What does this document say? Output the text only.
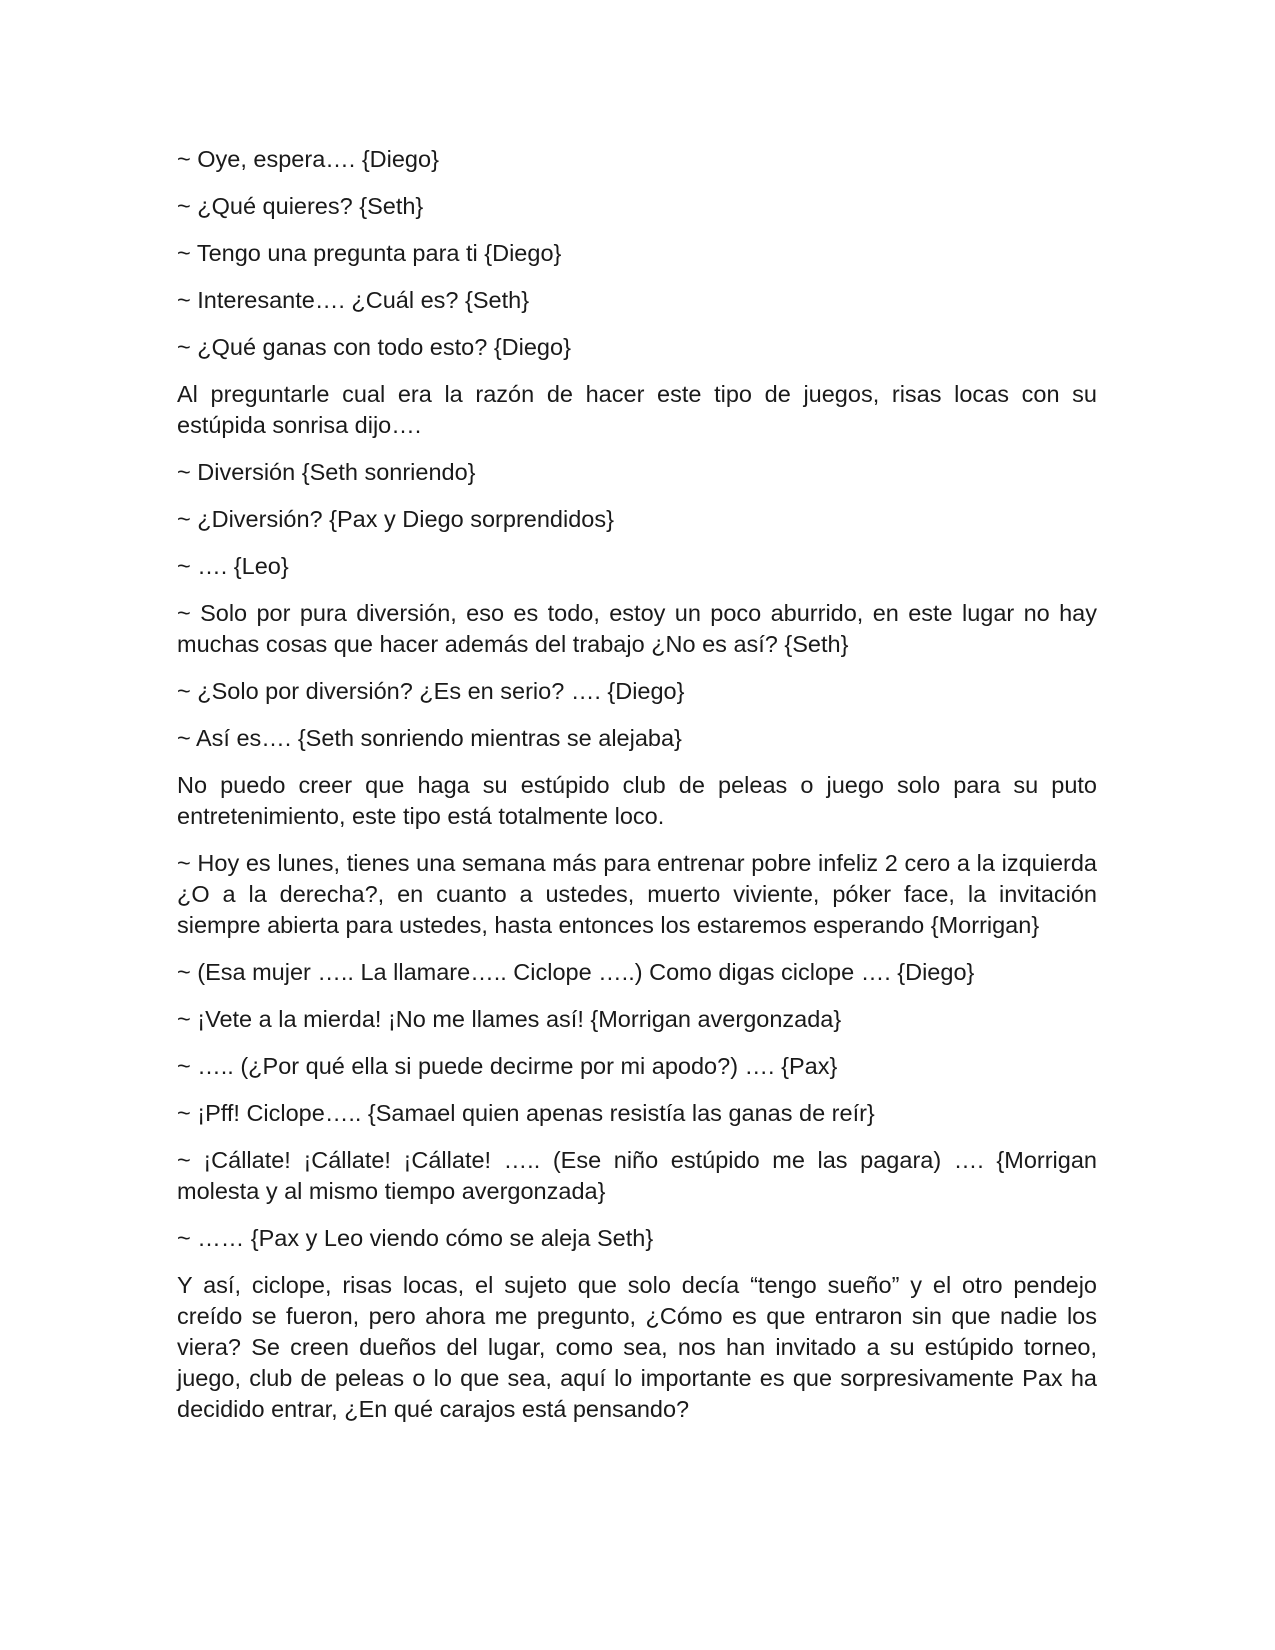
~ Oye, espera…. {Diego}

~ ¿Qué quieres? {Seth}

~ Tengo una pregunta para ti {Diego}

~ Interesante…. ¿Cuál es? {Seth}

~ ¿Qué ganas con todo esto? {Diego}

Al preguntarle cual era la razón de hacer este tipo de juegos, risas locas con su estúpida sonrisa dijo….

~ Diversión {Seth sonriendo}

~ ¿Diversión? {Pax y Diego sorprendidos}

~ …. {Leo}

~ Solo por pura diversión, eso es todo, estoy un poco aburrido, en este lugar no hay muchas cosas que hacer además del trabajo ¿No es así? {Seth}

~ ¿Solo por diversión? ¿Es en serio? …. {Diego}

~ Así es…. {Seth sonriendo mientras se alejaba}

No puedo creer que haga su estúpido club de peleas o juego solo para su puto entretenimiento, este tipo está totalmente loco.

~ Hoy es lunes, tienes una semana más para entrenar pobre infeliz 2 cero a la izquierda ¿O a la derecha?, en cuanto a ustedes, muerto viviente, póker face, la invitación siempre abierta para ustedes, hasta entonces los estaremos esperando {Morrigan}

~ (Esa mujer ….. La llamare….. Ciclope …..) Como digas ciclope …. {Diego}

~ ¡Vete a la mierda! ¡No me llames así! {Morrigan avergonzada}

~ ….. (¿Por qué ella si puede decirme por mi apodo?) …. {Pax}

~ ¡Pff! Ciclope….. {Samael quien apenas resistía las ganas de reír}

~ ¡Cállate! ¡Cállate! ¡Cállate! ….. (Ese niño estúpido me las pagara) …. {Morrigan molesta y al mismo tiempo avergonzada}

~ …… {Pax y Leo viendo cómo se aleja Seth}

Y así, ciclope, risas locas, el sujeto que solo decía “tengo sueño” y el otro pendejo creído se fueron, pero ahora me pregunto, ¿Cómo es que entraron sin que nadie los viera? Se creen dueños del lugar, como sea, nos han invitado a su estúpido torneo, juego, club de peleas o lo que sea, aquí lo importante es que sorpresivamente Pax ha decidido entrar, ¿En qué carajos está pensando?
